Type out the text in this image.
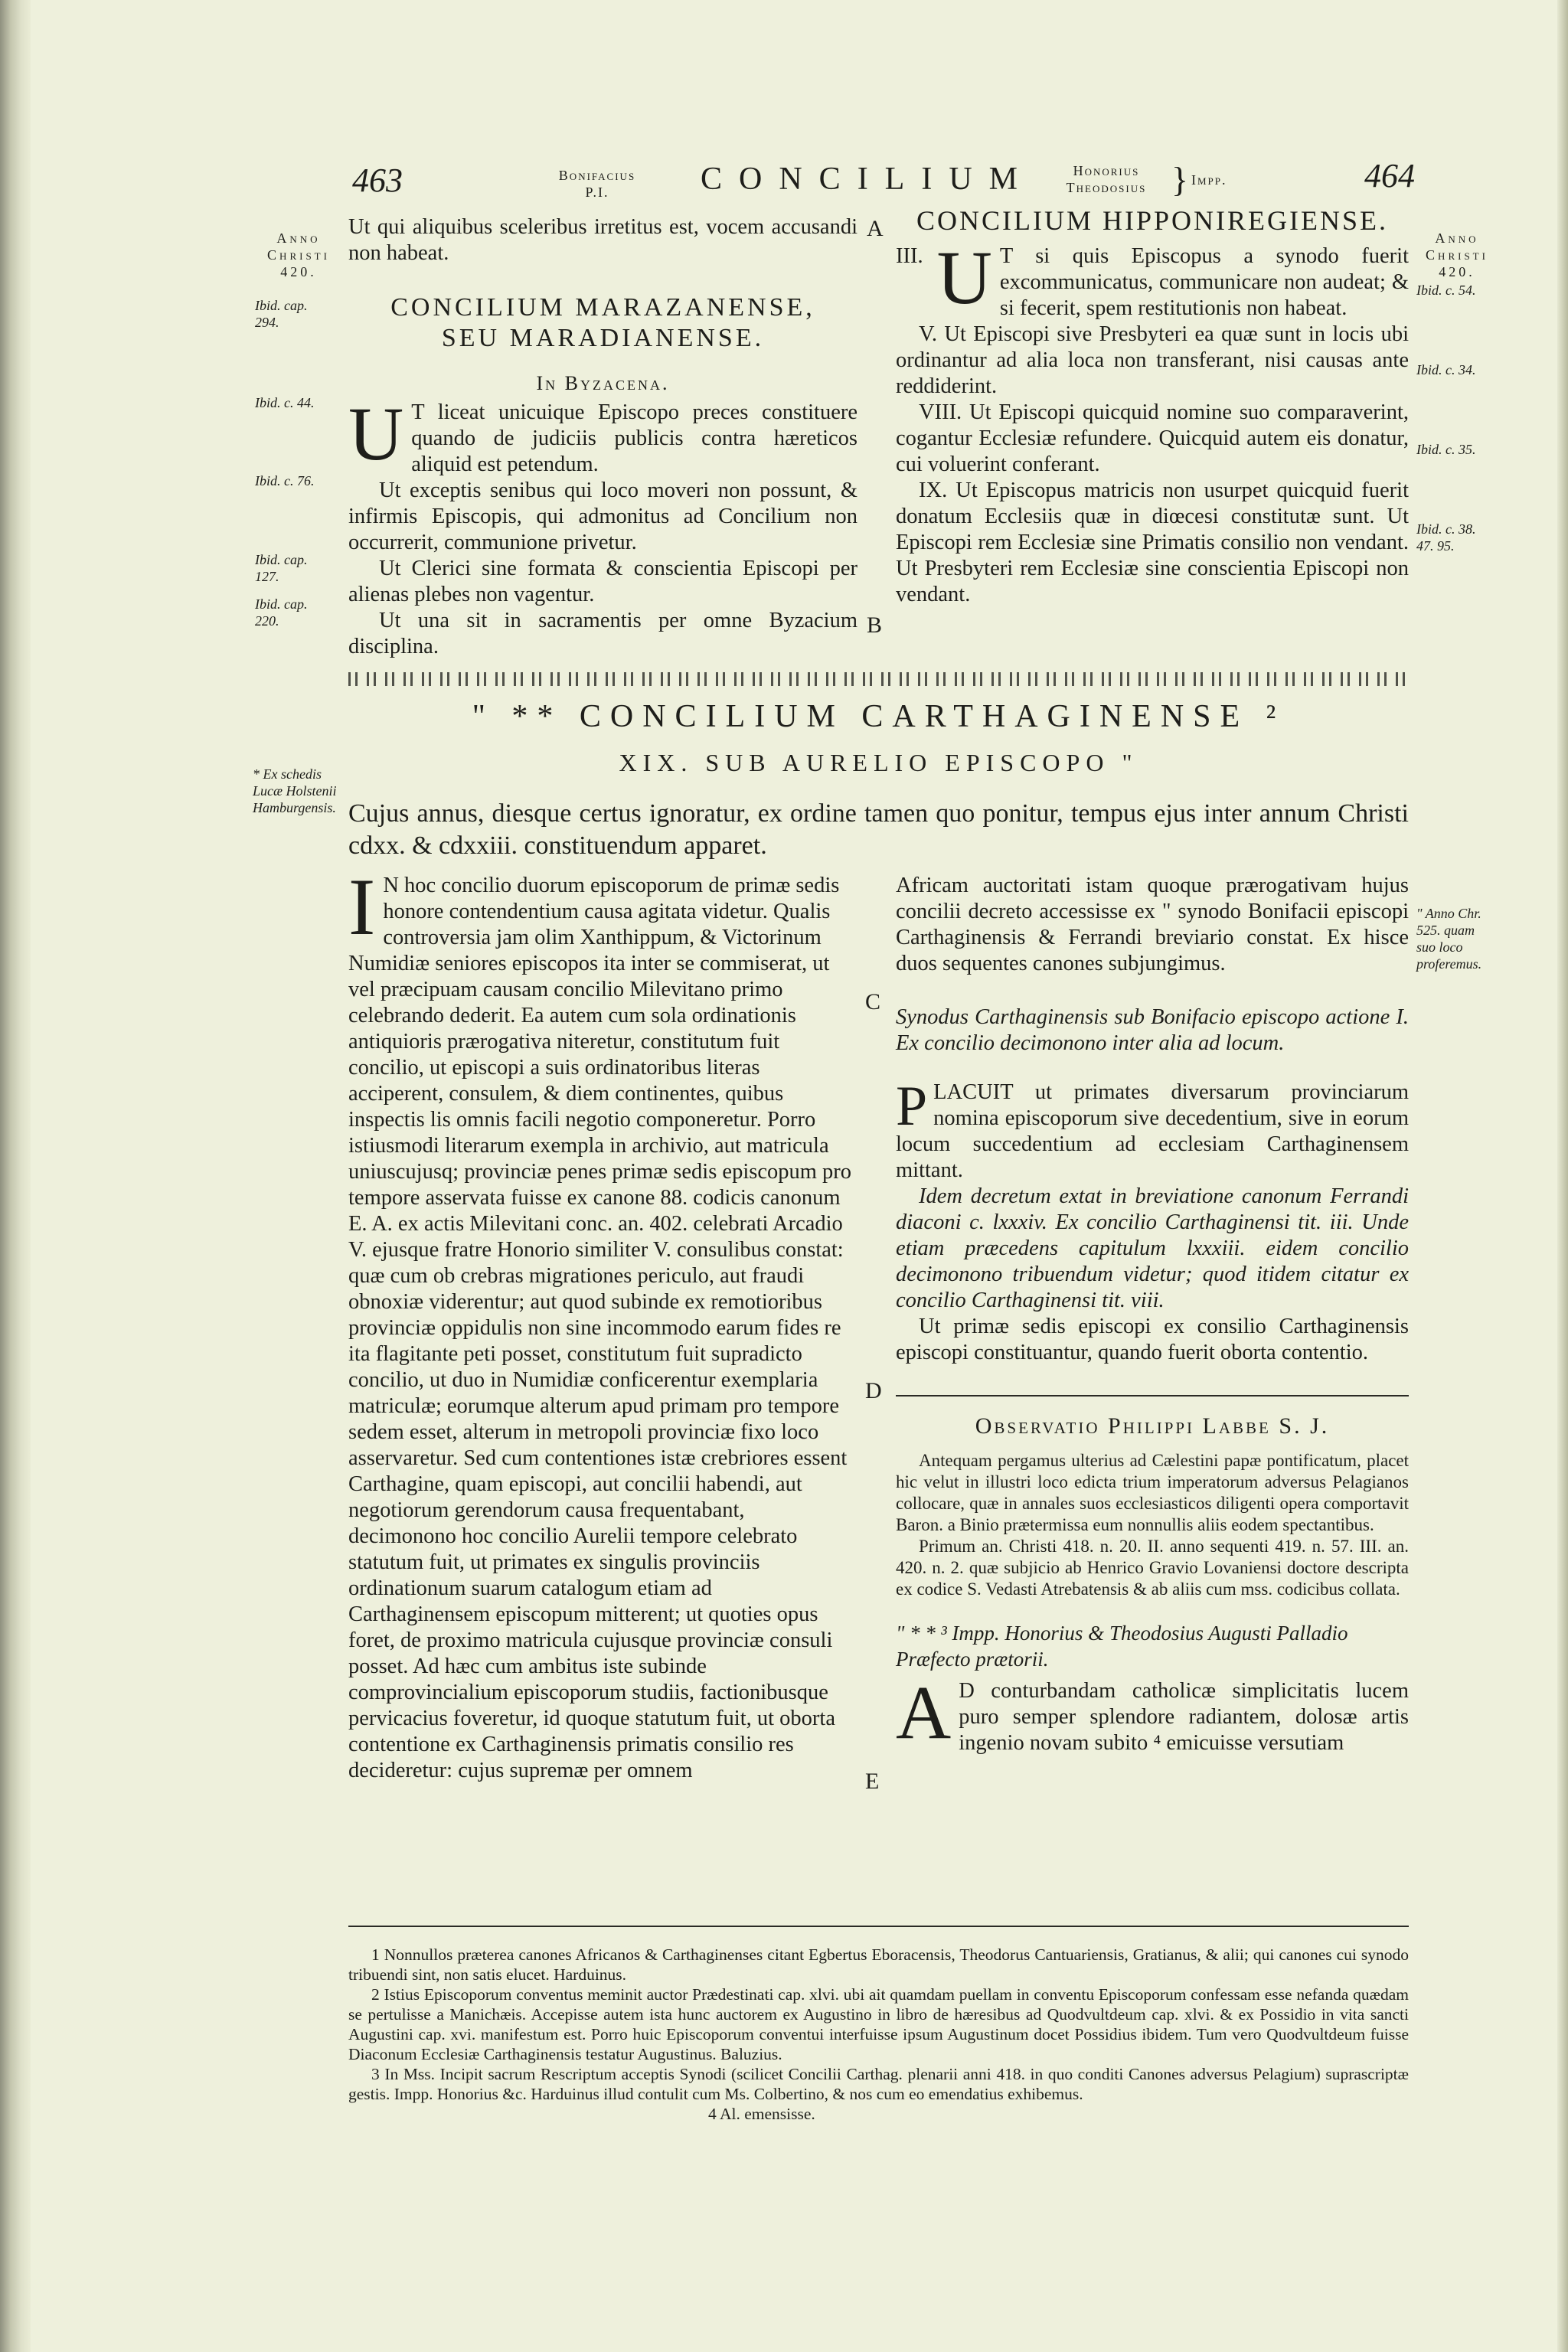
463	Bonifacius
P.I.	CONCILIUM	Honorius
Theodosius } Impp.	464
Anno
Christi
420.
Ibid. cap. 294.
Ibid. c. 44.
Ibid. c. 76.
Ibid. cap. 127.
Ibid. cap. 220.
* Ex schedis Lucæ Holstenii Hamburgensis.
Anno
Christi
420.
Ibid. c. 54.
Ibid. c. 34.
Ibid. c. 35.
Ibid. c. 38. 47. 95.
" Anno Chr. 525. quam suo loco proferemus.
A
B
C
D
E
Ut qui aliquibus sceleribus irretitus est, vocem accusandi non habeat.
CONCILIUM MARAZANENSE,
SEU MARADIANENSE.
In Byzacena.

U T liceat unicuique Episcopo preces constituere quando de judiciis publicis contra hæreticos aliquid est petendum.

Ut exceptis senibus qui loco moveri non possunt, & infirmis Episcopis, qui admonitus ad Concilium non occurrerit, communione privetur.

Ut Clerici sine formata & conscientia Episcopi per alienas plebes non vagentur.

Ut una sit in sacramentis per omne Byzacium disciplina.

CONCILIUM HIPPONIREGIENSE.

III. U T si quis Episcopus a synodo fuerit excommunicatus, communicare non audeat; & si fecerit, spem restitutionis non habeat.

V. Ut Episcopi sive Presbyteri ea quæ sunt in locis ubi ordinantur ad alia loca non transferant, nisi causas ante reddiderint.

VIII. Ut Episcopi quicquid nomine suo comparaverint, cogantur Ecclesiæ refundere. Quicquid autem eis donatur, cui voluerint conferant.

IX. Ut Episcopus matricis non usurpet quicquid fuerit donatum Ecclesiis quæ in diœcesi constitutæ sunt. Ut Episcopi rem Ecclesiæ sine Primatis consilio non vendant. Ut Presbyteri rem Ecclesiæ sine conscientia Episcopi non vendant.

" ** CONCILIUM CARTHAGINENSE ²
XIX. SUB AURELIO EPISCOPO "
Cujus annus, diesque certus ignoratur, ex ordine tamen quo ponitur, tempus ejus inter annum Christi cdxx. & cdxxiii. constituendum apparet.

I N hoc concilio duorum episcoporum de primæ sedis honore contendentium causa agitata videtur. Qualis controversia jam olim Xanthippum, & Victorinum Numidiæ seniores episcopos ita inter se commiserat, ut vel præcipuam causam concilio Milevitano primo celebrando dederit. Ea autem cum sola ordinationis antiquioris prærogativa niteretur, constitutum fuit concilio, ut episcopi a suis ordinatoribus literas acciperent, consulem, & diem continentes, quibus inspectis lis omnis facili negotio componeretur. Porro istiusmodi literarum exempla in archivio, aut matricula uniuscujusq; provinciæ penes primæ sedis episcopum pro tempore asservata fuisse ex canone 88. codicis canonum E. A. ex actis Milevitani conc. an. 402. celebrati Arcadio V. ejusque fratre Honorio similiter V. consulibus constat: quæ cum ob crebras migrationes periculo, aut fraudi obnoxiæ viderentur; aut quod subinde ex remotioribus provinciæ oppidulis non sine incommodo earum fides re ita flagitante peti posset, constitutum fuit supradicto concilio, ut duo in Numidiæ conficerentur exemplaria matriculæ; eorumque alterum apud primam pro tempore sedem esset, alterum in metropoli provinciæ fixo loco asservaretur. Sed cum contentiones istæ crebriores essent Carthagine, quam episcopi, aut concilii habendi, aut negotiorum gerendorum causa frequentabant, decimonono hoc concilio Aurelii tempore celebrato statutum fuit, ut primates ex singulis provinciis ordinationum suarum catalogum etiam ad Carthaginensem episcopum mitterent; ut quoties opus foret, de proximo matricula cujusque provinciæ consuli posset. Ad hæc cum ambitus iste subinde comprovincialium episcoporum studiis, factionibusque pervicacius foveretur, id quoque statutum fuit, ut oborta contentione ex Carthaginensis primatis consilio res decideretur: cujus supremæ per omnem

Africam auctoritati istam quoque prærogativam hujus concilii decreto accessisse ex " synodo Bonifacii episcopi Carthaginensis & Ferrandi breviario constat. Ex hisce duos sequentes canones subjungimus.
Synodus Carthaginensis sub Bonifacio episcopo actione I. Ex concilio decimonono inter alia ad locum.

PLACUIT ut primates diversarum provinciarum nomina episcoporum sive decedentium, sive in eorum locum succedentium ad ecclesiam Carthaginensem mittant.

Idem decretum extat in breviatione canonum Ferrandi diaconi c. lxxxiv. Ex concilio Carthaginensi tit. iii. Unde etiam præcedens capitulum lxxxiii. eidem concilio decimonono tribuendum videtur; quod itidem citatur ex concilio Carthaginensi tit. viii.
Ut primæ sedis episcopi ex consilio Carthaginensis episcopi constituantur, quando fuerit oborta contentio.
Observatio Philippi Labbe S. J.

Antequam pergamus ulterius ad Cælestini papæ pontificatum, placet hic velut in illustri loco edicta trium imperatorum adversus Pelagianos collocare, quæ in annales suos ecclesiasticos diligenti opera comportavit Baron. a Binio prætermissa eum nonnullis aliis eodem spectantibus.

Primum an. Christi 418. n. 20. II. anno sequenti 419. n. 57. III. an. 420. n. 2. quæ subjicio ab Henrico Gravio Lovaniensi doctore descripta ex codice S. Vedasti Atrebatensis & ab aliis cum mss. codicibus collata.

" * * ³ Impp. Honorius & Theodosius Augusti Palladio Præfecto prætorii.

A D conturbandam catholicæ simplicitatis lucem puro semper splendore radiantem, dolosæ artis ingenio novam subito ⁴ emicuisse versutiam

1 Nonnullos præterea canones Africanos & Carthaginenses citant Egbertus Eboracensis, Theodorus Cantuariensis, Gratianus, & alii; qui canones cui synodo tribuendi sint, non satis elucet. Harduinus.

2 Istius Episcoporum conventus meminit auctor Prædestinati cap. xlvi. ubi ait quamdam puellam in conventu Episcoporum confessam esse nefanda quædam se pertulisse a Manichæis. Accepisse autem ista hunc auctorem ex Augustino in libro de hæresibus ad Quodvultdeum cap. xlvi. & ex Possidio in vita sancti Augustini cap. xvi. manifestum est. Porro huic Episcoporum conventui interfuisse ipsum Augustinum docet Possidius ibidem. Tum vero Quodvultdeum fuisse Diaconum Ecclesiæ Carthaginensis testatur Augustinus. Baluzius.

3 In Mss. Incipit sacrum Rescriptum acceptis Synodi (scilicet Concilii Carthag. plenarii anni 418. in quo conditi Canones adversus Pelagium) suprascriptæ gestis. Impp. Honorius &c. Harduinus illud contulit cum Ms. Colbertino, & nos cum eo emendatius exhibemus.

4 Al. emensisse.
